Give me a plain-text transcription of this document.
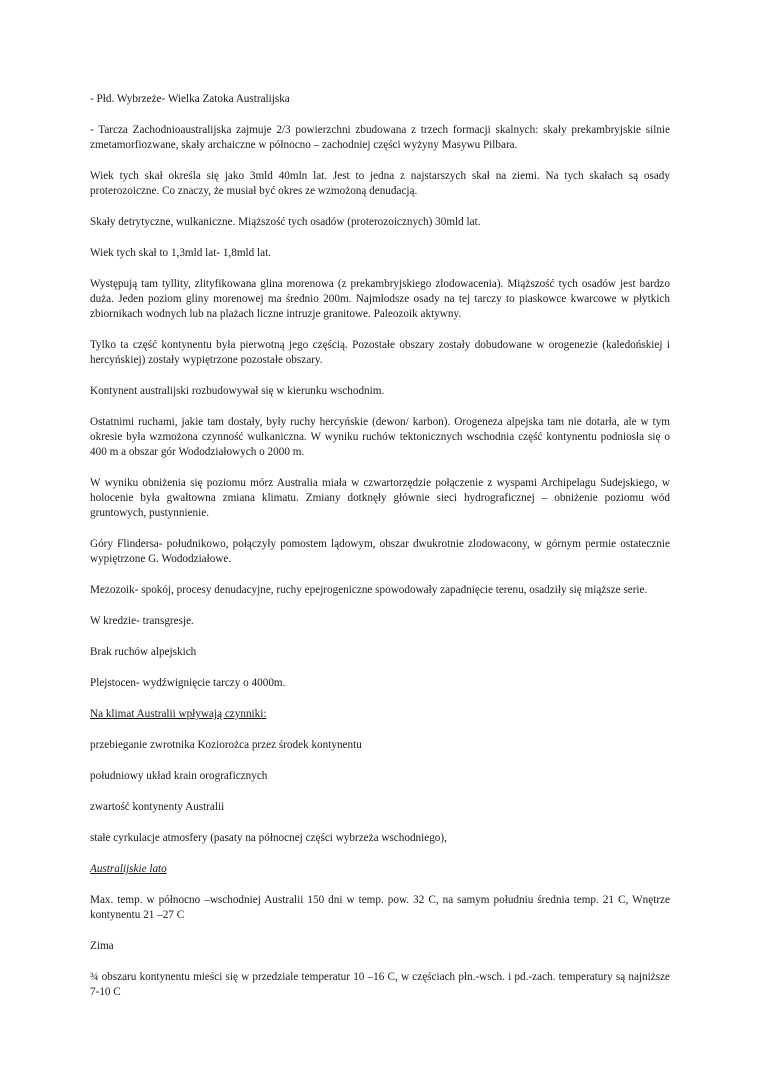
- Płd. Wybrzeże- Wielka Zatoka Australijska

- Tarcza Zachodnioaustralijska zajmuje 2/3 powierzchni zbudowana z trzech formacji skalnych: skały prekambryjskie silnie zmetamorfiozwane, skały archaiczne w północno – zachodniej części wyżyny Masywu Pilbara.

Wiek tych skał określa się jako 3mld 40mln lat. Jest to jedna z najstarszych skał na ziemi. Na tych skałach są osady proterozoiczne. Co znaczy, że musiał być okres ze wzmożoną denudacją.

Skały detrytyczne, wulkaniczne. Miąższość tych osadów (proterozoicznych) 30mld lat.

Wiek tych skał to 1,3mld lat- 1,8mld lat.

Występują tam tyllity, zlityfikowana glina morenowa (z prekambryjskiego zlodowacenia). Miąższość tych osadów jest bardzo duża. Jeden poziom gliny morenowej ma średnio 200m. Najmłodsze osady na tej tarczy to piaskowce kwarcowe w płytkich zbiornikach wodnych lub na plażach liczne intruzje granitowe. Paleozoik aktywny.

Tylko ta część kontynentu była pierwotną jego częścią. Pozostałe obszary zostały dobudowane w orogenezie (kaledońskiej i hercyńskiej) zostały wypiętrzone pozostałe obszary.

Kontynent australijski rozbudowywał się w kierunku wschodnim.

Ostatnimi ruchami, jakie tam dostały, były ruchy hercyńskie (dewon/ karbon). Orogeneza alpejska tam nie dotarła, ale w tym okresie była wzmożona czynność wulkaniczna. W wyniku ruchów tektonicznych wschodnia część kontynentu podniosła się o 400 m a obszar gór Wododziałowych o 2000 m.

W wyniku obniżenia się poziomu mórz Australia miała w czwartorzędzie połączenie z wyspami Archipelagu Sudejskiego, w holocenie była gwałtowna zmiana klimatu. Zmiany dotknęły głównie sieci hydrograficznej – obniżenie poziomu wód gruntowych, pustynnienie.

Góry Flindersa- południkowo, połączyły pomostem lądowym, obszar dwukrotnie zlodowacony, w górnym permie ostatecznie wypiętrzone G. Wododziałowe.

Mezozoik- spokój, procesy denudacyjne, ruchy epejrogeniczne spowodowały zapadnięcie terenu, osadziły się miąższe serie.

W kredzie- transgresje.

Brak ruchów alpejskich

Plejstocen- wydźwignięcie tarczy o 4000m.

Na klimat Australii wpływają czynniki:

przebieganie zwrotnika Koziorożca przez środek kontynentu

południowy układ krain orograficznych

zwartość kontynenty Australii

stałe cyrkulacje atmosfery (pasaty na północnej części wybrzeża wschodniego),

Australijskie lato

Max. temp. w północno –wschodniej Australii 150 dni w temp. pow. 32 C, na samym południu średnia temp. 21 C, Wnętrze kontynentu 21 –27 C

Zima

¾ obszaru kontynentu mieści się w przedziale temperatur 10 –16 C, w częściach płn.-wsch. i pd.-zach. temperatury są najniższe 7-10 C
